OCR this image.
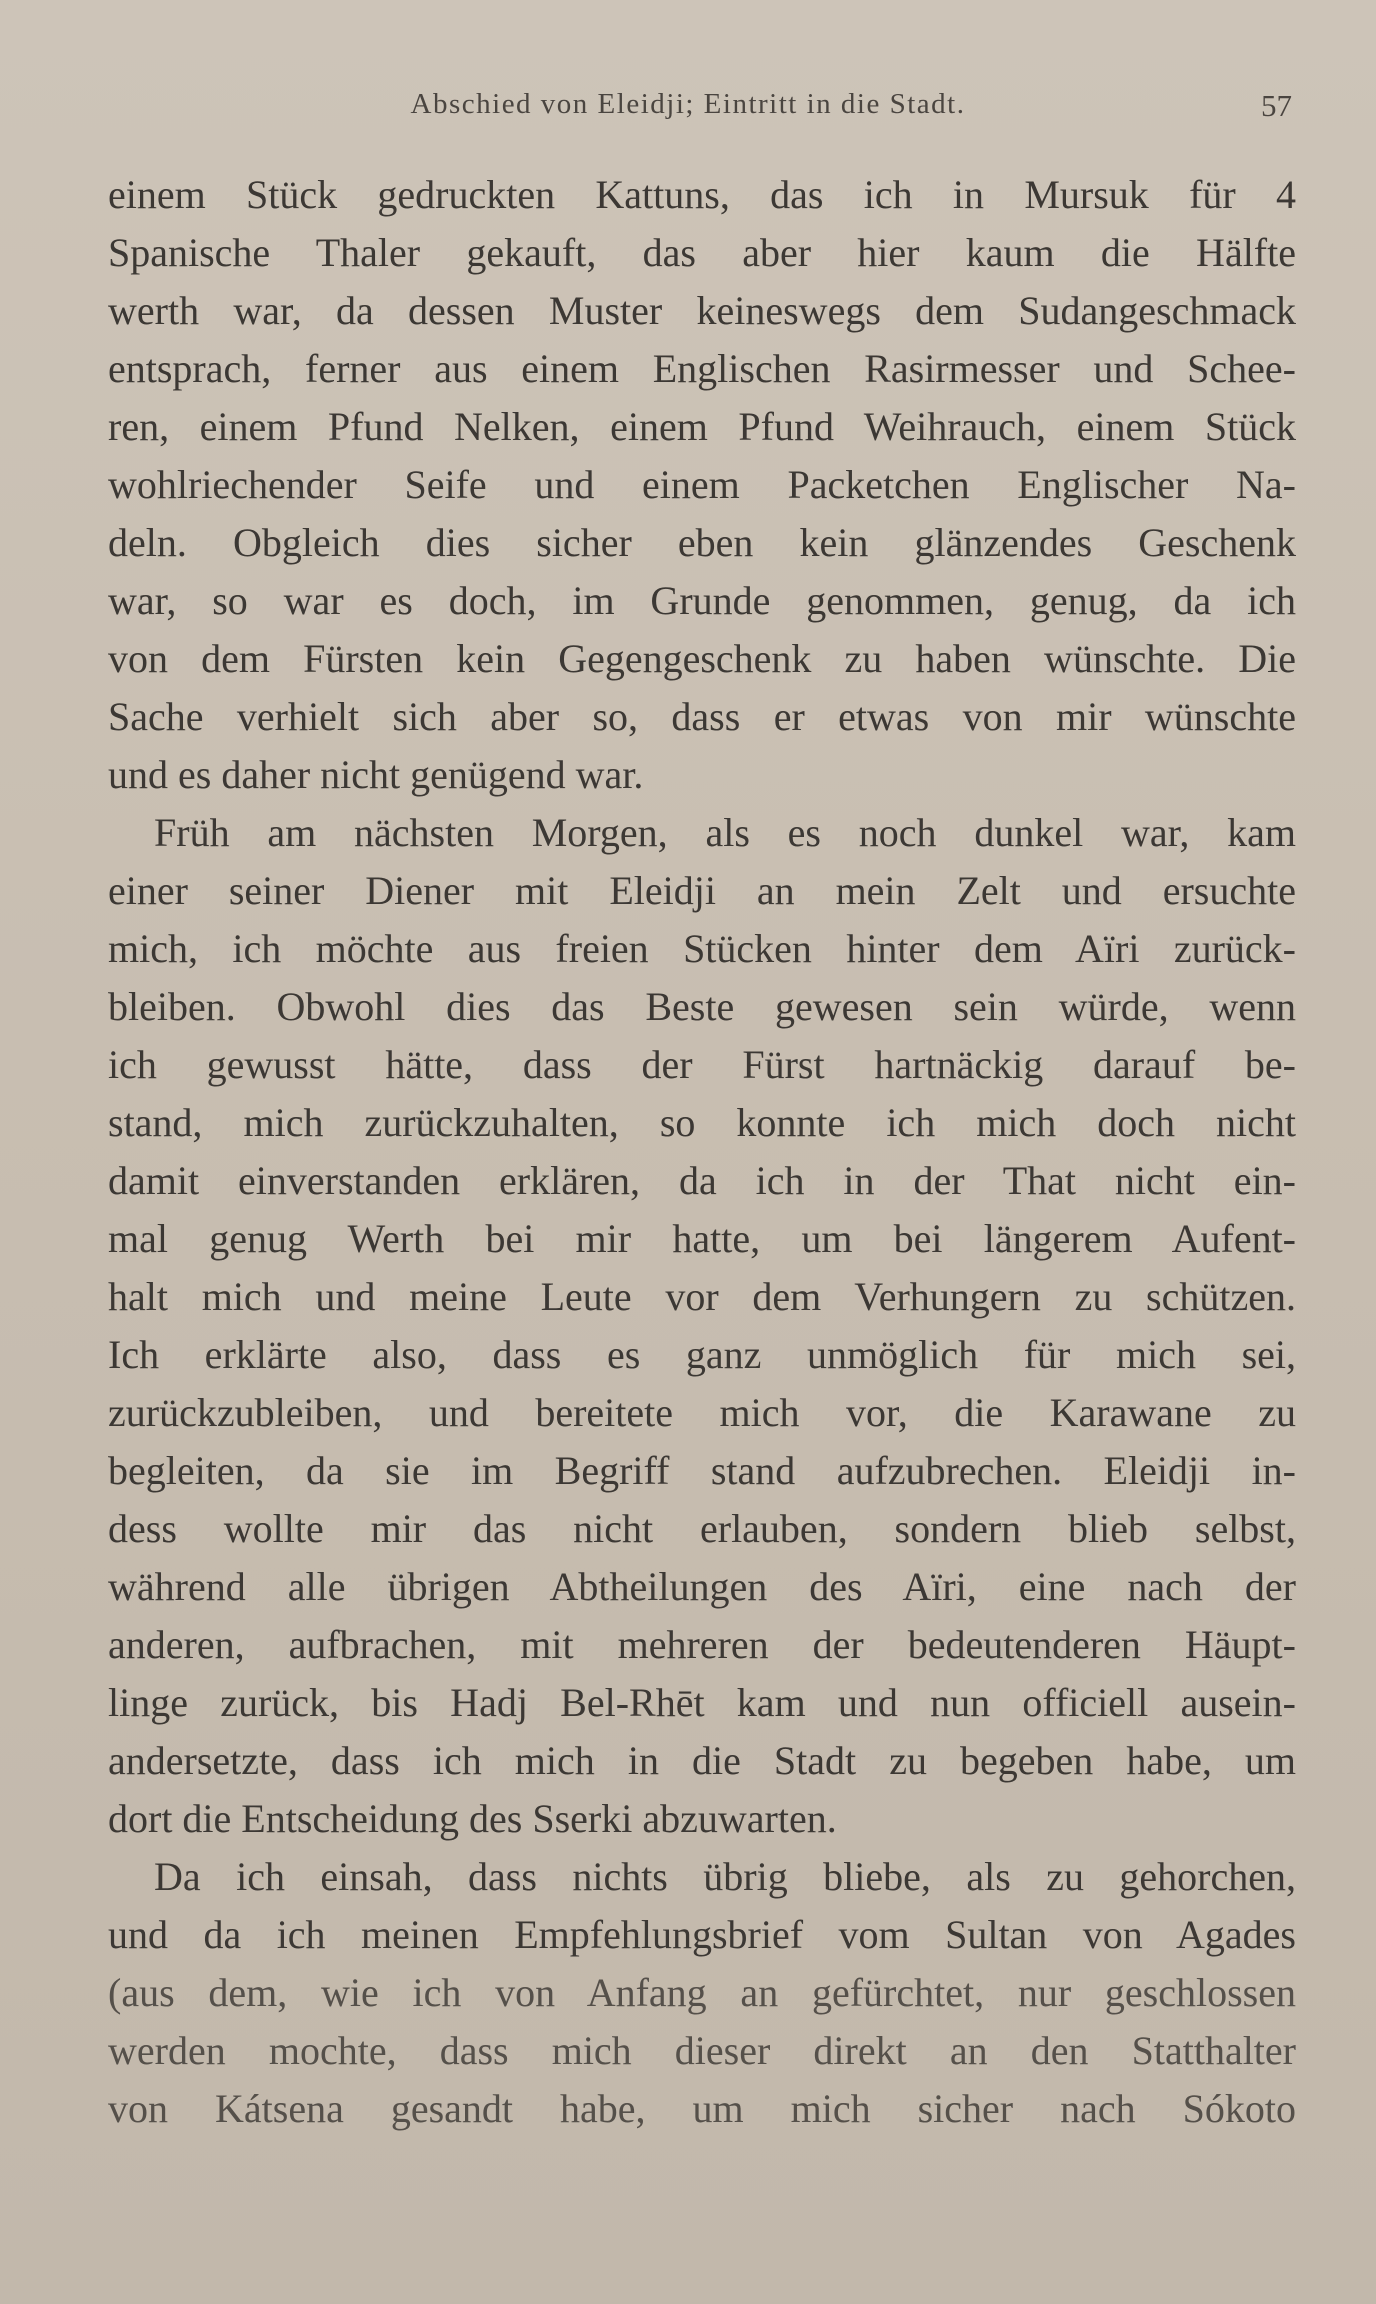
Abschied von Eleidji; Eintritt in die Stadt.	57
einem Stück gedruckten Kattuns, das ich in Mursuk für 4
Spanische Thaler gekauft, das aber hier kaum die Hälfte
werth war, da dessen Muster keineswegs dem Sudangeschmack
entsprach, ferner aus einem Englischen Rasirmesser und Schee-
ren, einem Pfund Nelken, einem Pfund Weihrauch, einem Stück
wohlriechender Seife und einem Packetchen Englischer Na-
deln. Obgleich dies sicher eben kein glänzendes Geschenk
war, so war es doch, im Grunde genommen, genug, da ich
von dem Fürsten kein Gegengeschenk zu haben wünschte. Die
Sache verhielt sich aber so, dass er etwas von mir wünschte
und es daher nicht genügend war.
Früh am nächsten Morgen, als es noch dunkel war, kam
einer seiner Diener mit Eleidji an mein Zelt und ersuchte
mich, ich möchte aus freien Stücken hinter dem Aïri zurück-
bleiben. Obwohl dies das Beste gewesen sein würde, wenn
ich gewusst hätte, dass der Fürst hartnäckig darauf be-
stand, mich zurückzuhalten, so konnte ich mich doch nicht
damit einverstanden erklären, da ich in der That nicht ein-
mal genug Werth bei mir hatte, um bei längerem Aufent-
halt mich und meine Leute vor dem Verhungern zu schützen.
Ich erklärte also, dass es ganz unmöglich für mich sei,
zurückzubleiben, und bereitete mich vor, die Karawane zu
begleiten, da sie im Begriff stand aufzubrechen. Eleidji in-
dess wollte mir das nicht erlauben, sondern blieb selbst,
während alle übrigen Abtheilungen des Aïri, eine nach der
anderen, aufbrachen, mit mehreren der bedeutenderen Häupt-
linge zurück, bis Hadj Bel-Rhēt kam und nun officiell ausein-
andersetzte, dass ich mich in die Stadt zu begeben habe, um
dort die Entscheidung des Sserki abzuwarten.
Da ich einsah, dass nichts übrig bliebe, als zu gehorchen,
und da ich meinen Empfehlungsbrief vom Sultan von Agades
(aus dem, wie ich von Anfang an gefürchtet, nur geschlossen
werden mochte, dass mich dieser direkt an den Statthalter
von Kátsena gesandt habe, um mich sicher nach Sókoto
